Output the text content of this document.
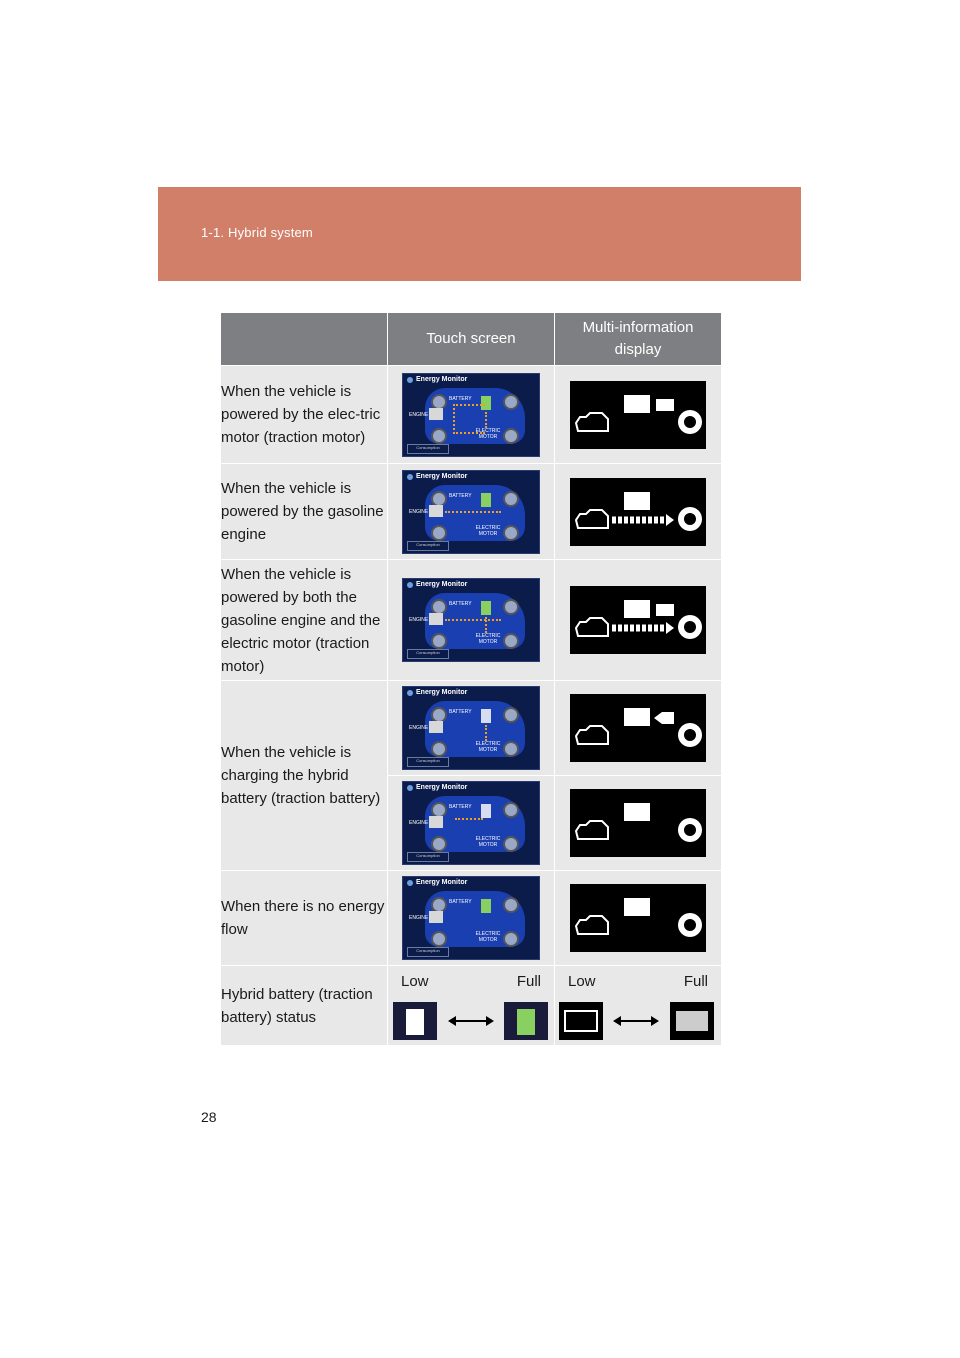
1-1. Hybrid system
	Touch screen	Multi-information display
When the vehicle is powered by the elec-tric motor (traction motor)	Energy Monitor
BATTERY
ENGINE
ELECTRIC MOTOR
Consumption

When the vehicle is powered by the gasoline engine	Energy Monitor
BATTERY
ENGINE
ELECTRIC MOTOR
Consumption

When the vehicle is powered by both the gasoline engine and the electric motor (traction motor)	Energy Monitor
BATTERY
ENGINE
ELECTRIC MOTOR
Consumption

When the vehicle is charging the hybrid battery (traction battery)	Energy Monitor
BATTERY
ENGINE
ELECTRIC MOTOR
Consumption

	Energy Monitor
BATTERY
ENGINE
ELECTRIC MOTOR
Consumption

When there is no energy flow	Energy Monitor
BATTERY
ENGINE
ELECTRIC MOTOR
Consumption

Hybrid battery (traction battery) status	Low Full	Low Full
28
